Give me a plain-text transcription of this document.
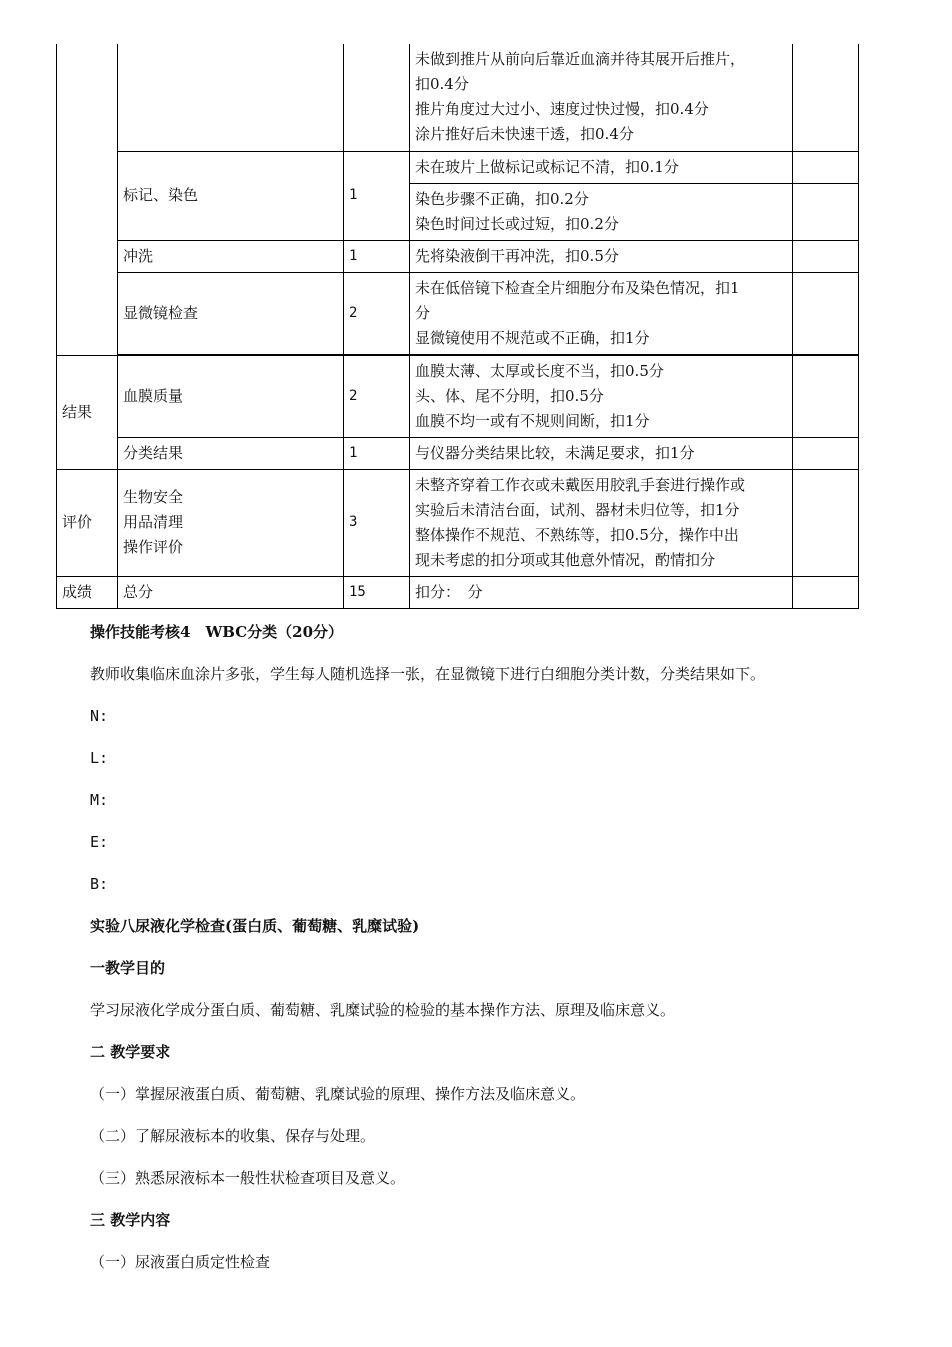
			未做到推片从前向后靠近血滴并待其展开后推片，
扣0.4分
推片角度过大过小、速度过快过慢，扣0.4分
涂片推好后未快速干透，扣0.4分	

	标记、染色	1	未在玻片上做标记或标记不清，扣0.1分	

			染色步骤不正确，扣0.2分
染色时间过长或过短，扣0.2分	

	冲洗	1	先将染液倒干再冲洗，扣0.5分	

	显微镜检查	2	未在低倍镜下检查全片细胞分布及染色情况，扣1
分
显微镜使用不规范或不正确，扣1分	

结果	血膜质量	2	血膜太薄、太厚或长度不当，扣0.5分
头、体、尾不分明，扣0.5分
血膜不均一或有不规则间断，扣1分	

	分类结果	1	与仪器分类结果比较，未满足要求，扣1分	

评价	生物安全
用品清理
操作评价	3	未整齐穿着工作衣或未戴医用胶乳手套进行操作或
实验后未清洁台面，试剂、器材未归位等，扣1分
整体操作不规范、不熟练等，扣0.5分，操作中出
现未考虑的扣分项或其他意外情况，酌情扣分	

成绩	总分	15	扣分：　分	
操作技能考核4　WBC分类（20分）
教师收集临床血涂片多张，学生每人随机选择一张，在显微镜下进行白细胞分类计数，分类结果如下。
N:
L:
M:
E:
B:
实验八尿液化学检查(蛋白质、葡萄糖、乳糜试验)
一教学目的
学习尿液化学成分蛋白质、葡萄糖、乳糜试验的检验的基本操作方法、原理及临床意义。
二 教学要求
（一）掌握尿液蛋白质、葡萄糖、乳糜试验的原理、操作方法及临床意义。
（二）了解尿液标本的收集、保存与处理。
（三）熟悉尿液标本一般性状检查项目及意义。
三 教学内容
（一）尿液蛋白质定性检查
